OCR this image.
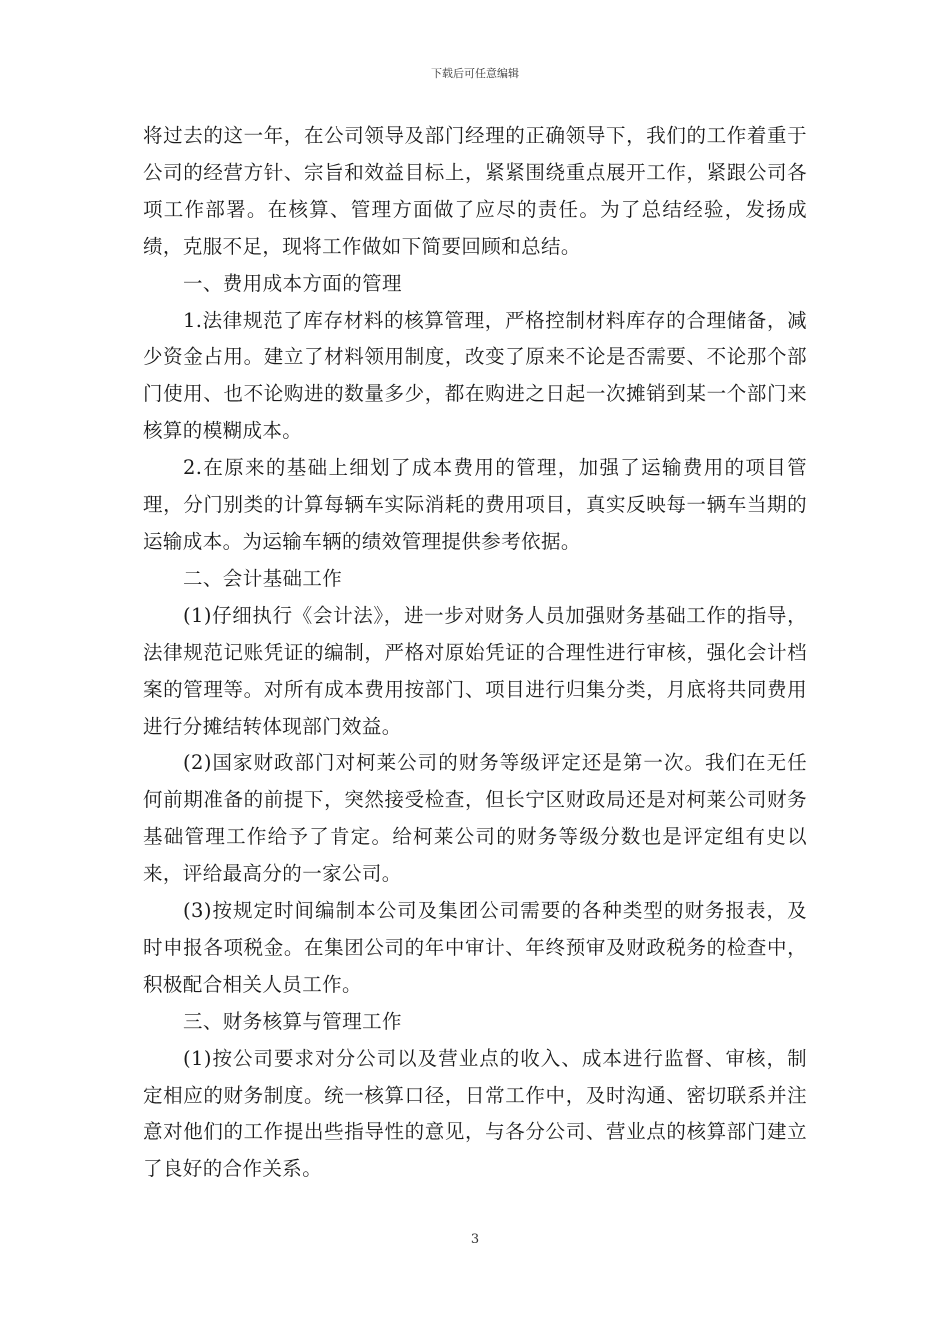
下载后可任意编辑

将过去的这一年，在公司领导及部门经理的正确领导下，我们的工作着重于公司的经营方针、宗旨和效益目标上，紧紧围绕重点展开工作，紧跟公司各项工作部署。在核算、管理方面做了应尽的责任。为了总结经验，发扬成绩，克服不足，现将工作做如下简要回顾和总结。

一、费用成本方面的管理

1.法律规范了库存材料的核算管理，严格控制材料库存的合理储备，减少资金占用。建立了材料领用制度，改变了原来不论是否需要、不论那个部门使用、也不论购进的数量多少，都在购进之日起一次摊销到某一个部门来核算的模糊成本。

2.在原来的基础上细划了成本费用的管理，加强了运输费用的项目管理，分门别类的计算每辆车实际消耗的费用项目，真实反映每一辆车当期的运输成本。为运输车辆的绩效管理提供参考依据。

二、会计基础工作

(1)仔细执行《会计法》，进一步对财务人员加强财务基础工作的指导，法律规范记账凭证的编制，严格对原始凭证的合理性进行审核，强化会计档案的管理等。对所有成本费用按部门、项目进行归集分类，月底将共同费用进行分摊结转体现部门效益。

(2)国家财政部门对柯莱公司的财务等级评定还是第一次。我们在无任何前期准备的前提下，突然接受检查，但长宁区财政局还是对柯莱公司财务基础管理工作给予了肯定。给柯莱公司的财务等级分数也是评定组有史以来，评给最高分的一家公司。

(3)按规定时间编制本公司及集团公司需要的各种类型的财务报表，及时申报各项税金。在集团公司的年中审计、年终预审及财政税务的检查中，积极配合相关人员工作。

三、财务核算与管理工作

(1)按公司要求对分公司以及营业点的收入、成本进行监督、审核，制定相应的财务制度。统一核算口径，日常工作中，及时沟通、密切联系并注意对他们的工作提出些指导性的意见，与各分公司、营业点的核算部门建立了良好的合作关系。

3
